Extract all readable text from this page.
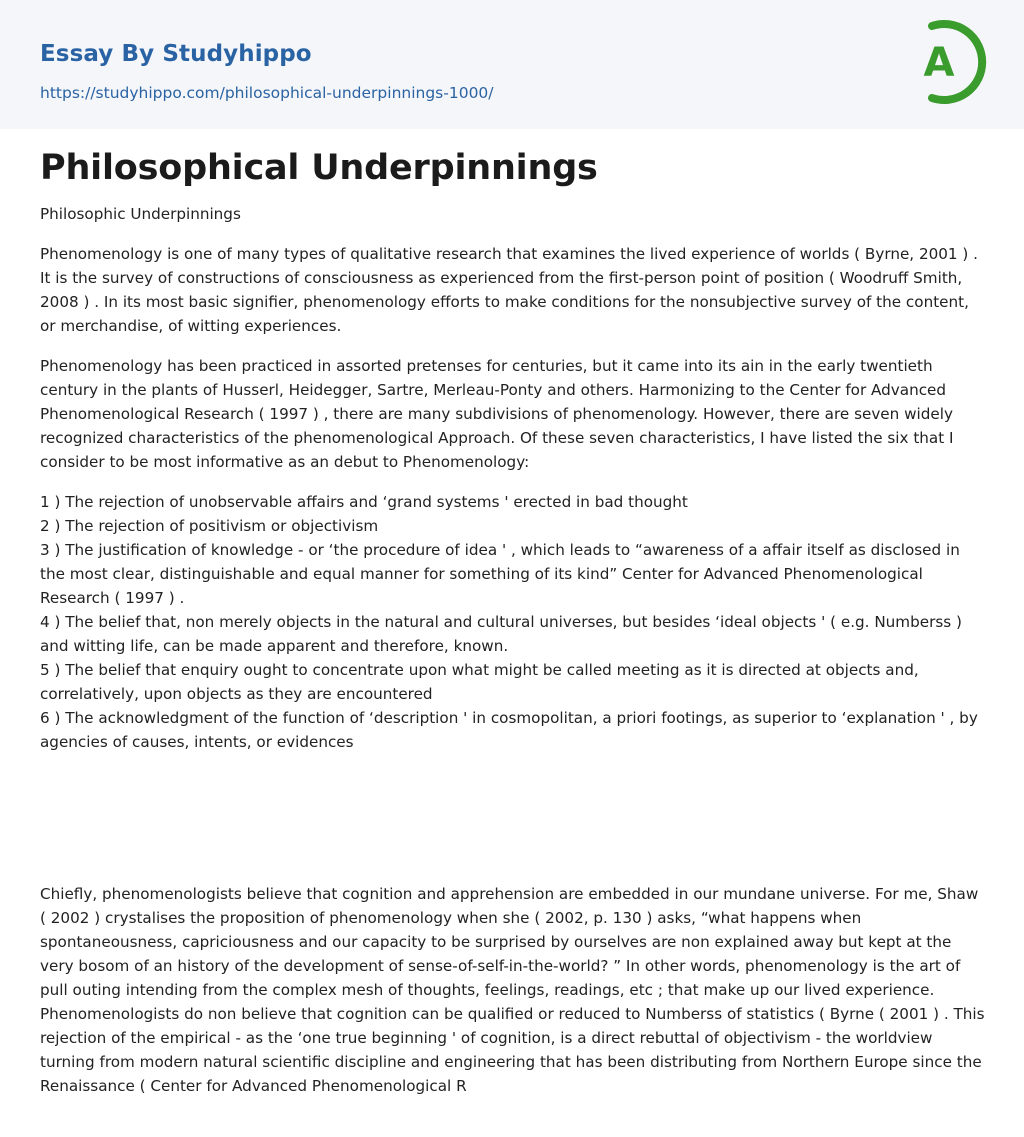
Essay By Studyhippo
https://studyhippo.com/philosophical-underpinnings-1000/
A
Philosophical Underpinnings
Philosophic Underpinnings

Phenomenology is one of many types of qualitative research that examines the lived experience of worlds ( Byrne, 2001 ) . It is the survey of constructions of consciousness as experienced from the first-person point of position ( Woodruff Smith, 2008 ) . In its most basic signifier, phenomenology efforts to make conditions for the nonsubjective survey of the content, or merchandise, of witting experiences.

Phenomenology has been practiced in assorted pretenses for centuries, but it came into its ain in the early twentieth century in the plants of Husserl, Heidegger, Sartre, Merleau-Ponty and others. Harmonizing to the Center for Advanced Phenomenological Research ( 1997 ) , there are many subdivisions of phenomenology. However, there are seven widely recognized characteristics of the phenomenological Approach. Of these seven characteristics, I have listed the six that I consider to be most informative as an debut to Phenomenology:

1 ) The rejection of unobservable affairs and ‘grand systems ' erected in bad thought
2 ) The rejection of positivism or objectivism
3 ) The justification of knowledge - or ‘the procedure of idea ' , which leads to “awareness of a affair itself as disclosed in the most clear, distinguishable and equal manner for something of its kind” Center for Advanced Phenomenological Research ( 1997 ) .
4 ) The belief that, non merely objects in the natural and cultural universes, but besides ‘ideal objects ' ( e.g. Numberss ) and witting life, can be made apparent and therefore, known.
5 ) The belief that enquiry ought to concentrate upon what might be called meeting as it is directed at objects and, correlatively, upon objects as they are encountered
6 ) The acknowledgment of the function of ‘description ' in cosmopolitan, a priori footings, as superior to ‘explanation ' , by agencies of causes, intents, or evidences

Chiefly, phenomenologists believe that cognition and apprehension are embedded in our mundane universe. For me, Shaw ( 2002 ) crystalises the proposition of phenomenology when she ( 2002, p. 130 ) asks, “what happens when spontaneousness, capriciousness and our capacity to be surprised by ourselves are non explained away but kept at the very bosom of an history of the development of sense-of-self-in-the-world? ” In other words, phenomenology is the art of pull outing intending from the complex mesh of thoughts, feelings, readings, etc ; that make up our lived experience. Phenomenologists do non believe that cognition can be qualified or reduced to Numberss of statistics ( Byrne ( 2001 ) . This rejection of the empirical - as the ‘one true beginning ' of cognition, is a direct rebuttal of objectivism - the worldview turning from modern natural scientific discipline and engineering that has been distributing from Northern Europe since the Renaissance ( Center for Advanced Phenomenological R
